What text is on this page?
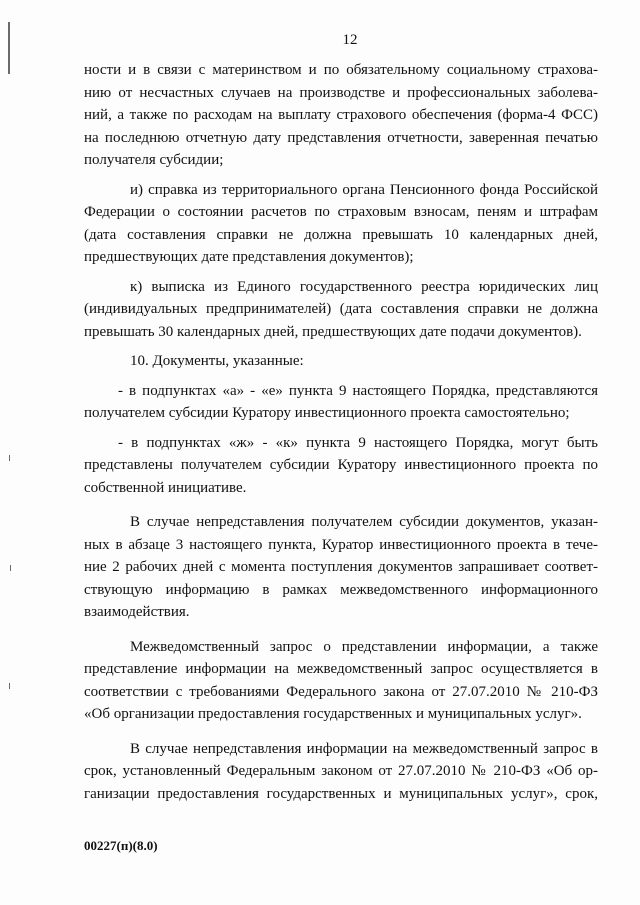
12
ности и в связи с материнством и по обязательному социальному страхова-
нию от несчастных случаев на производстве и профессиональных заболева-
ний, а также по расходам на выплату страхового обеспечения (форма-4 ФСС)
на последнюю отчетную дату представления отчетности, заверенная печатью
получателя субсидии;
и) справка из территориального органа Пенсионного фонда Российской
Федерации о состоянии расчетов по страховым взносам, пеням и штрафам
(дата составления справки не должна превышать 10 календарных дней,
предшествующих дате представления документов);
к) выписка из Единого государственного реестра юридических лиц
(индивидуальных предпринимателей) (дата составления справки не должна
превышать 30 календарных дней, предшествующих дате подачи документов).
10. Документы, указанные:
- в подпунктах «а» - «е» пункта 9 настоящего Порядка, представляются
получателем субсидии Куратору инвестиционного проекта самостоятельно;
- в подпунктах «ж» - «к» пункта 9 настоящего Порядка, могут быть
представлены получателем субсидии Куратору инвестиционного проекта по
собственной инициативе.
В случае непредставления получателем субсидии документов, указан-
ных в абзаце 3 настоящего пункта, Куратор инвестиционного проекта в тече-
ние 2 рабочих дней с момента поступления документов запрашивает соответ-
ствующую информацию в рамках межведомственного информационного
взаимодействия.
Межведомственный запрос о представлении информации, а также
представление информации на межведомственный запрос осуществляется в
соответствии с требованиями Федерального закона от 27.07.2010 № 210-ФЗ
«Об организации предоставления государственных и муниципальных услуг».
В случае непредставления информации на межведомственный запрос в
срок, установленный Федеральным законом от 27.07.2010 № 210-ФЗ «Об ор-
ганизации предоставления государственных и муниципальных услуг», срок,
00227(п)(8.0)
